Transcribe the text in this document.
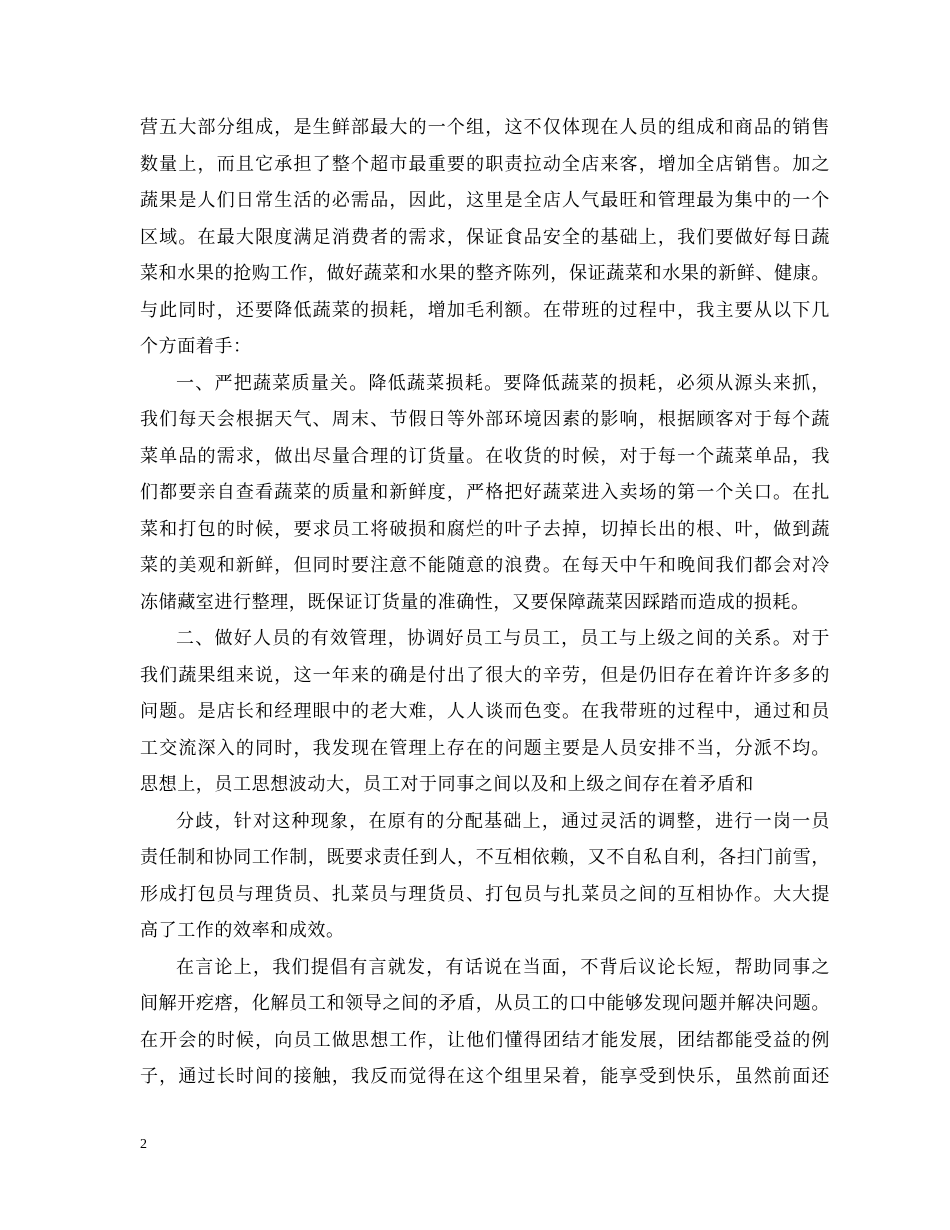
营五大部分组成，是生鲜部最大的一个组，这不仅体现在人员的组成和商品的销售
数量上，而且它承担了整个超市最重要的职责拉动全店来客，增加全店销售。加之
蔬果是人们日常生活的必需品，因此，这里是全店人气最旺和管理最为集中的一个
区域。在最大限度满足消费者的需求，保证食品安全的基础上，我们要做好每日蔬
菜和水果的抢购工作，做好蔬菜和水果的整齐陈列，保证蔬菜和水果的新鲜、健康。
与此同时，还要降低蔬菜的损耗，增加毛利额。在带班的过程中，我主要从以下几
个方面着手：
一、严把蔬菜质量关。降低蔬菜损耗。要降低蔬菜的损耗，必须从源头来抓，
我们每天会根据天气、周末、节假日等外部环境因素的影响，根据顾客对于每个蔬
菜单品的需求，做出尽量合理的订货量。在收货的时候，对于每一个蔬菜单品，我
们都要亲自查看蔬菜的质量和新鲜度，严格把好蔬菜进入卖场的第一个关口。在扎
菜和打包的时候，要求员工将破损和腐烂的叶子去掉，切掉长出的根、叶，做到蔬
菜的美观和新鲜，但同时要注意不能随意的浪费。在每天中午和晚间我们都会对冷
冻储藏室进行整理，既保证订货量的准确性，又要保障蔬菜因踩踏而造成的损耗。
二、做好人员的有效管理，协调好员工与员工，员工与上级之间的关系。对于
我们蔬果组来说，这一年来的确是付出了很大的辛劳，但是仍旧存在着许许多多的
问题。是店长和经理眼中的老大难，人人谈而色变。在我带班的过程中，通过和员
工交流深入的同时，我发现在管理上存在的问题主要是人员安排不当，分派不均。
思想上，员工思想波动大，员工对于同事之间以及和上级之间存在着矛盾和
分歧，针对这种现象，在原有的分配基础上，通过灵活的调整，进行一岗一员
责任制和协同工作制，既要求责任到人，不互相依赖，又不自私自利，各扫门前雪，
形成打包员与理货员、扎菜员与理货员、打包员与扎菜员之间的互相协作。大大提
高了工作的效率和成效。
在言论上，我们提倡有言就发，有话说在当面，不背后议论长短，帮助同事之
间解开疙瘩，化解员工和领导之间的矛盾，从员工的口中能够发现问题并解决问题。
在开会的时候，向员工做思想工作，让他们懂得团结才能发展，团结都能受益的例
子，通过长时间的接触，我反而觉得在这个组里呆着，能享受到快乐，虽然前面还
2
